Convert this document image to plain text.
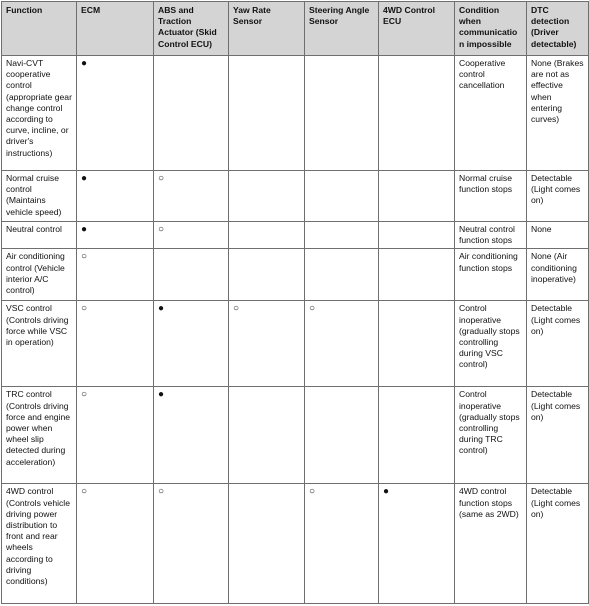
Function	ECM	ABS and Traction Actuator (Skid Control ECU)	Yaw Rate Sensor	Steering Angle Sensor	4WD Control ECU	Condition when communicatio n impossible	DTC detection (Driver detectable)
Navi-CVT cooperative control (appropriate gear change control according to curve, incline, or driver's instructions)	●					Cooperative control cancellation	None (Brakes are not as effective when entering curves)
Normal cruise control (Maintains vehicle speed)	●	○				Normal cruise function stops	Detectable (Light comes on)
Neutral control	●	○				Neutral control function stops	None
Air conditioning control (Vehicle interior A/C control)	○					Air conditioning function stops	None (Air conditioning inoperative)
VSC control (Controls driving force while VSC in operation)	○	●	○	○		Control inoperative (gradually stops controlling during VSC control)	Detectable (Light comes on)
TRC control (Controls driving force and engine power when wheel slip detected during acceleration)	○	●				Control inoperative (gradually stops controlling during TRC control)	Detectable (Light comes on)
4WD control (Controls vehicle driving power distribution to front and rear wheels according to driving conditions)	○	○		○	●	4WD control function stops (same as 2WD)	Detectable (Light comes on)
